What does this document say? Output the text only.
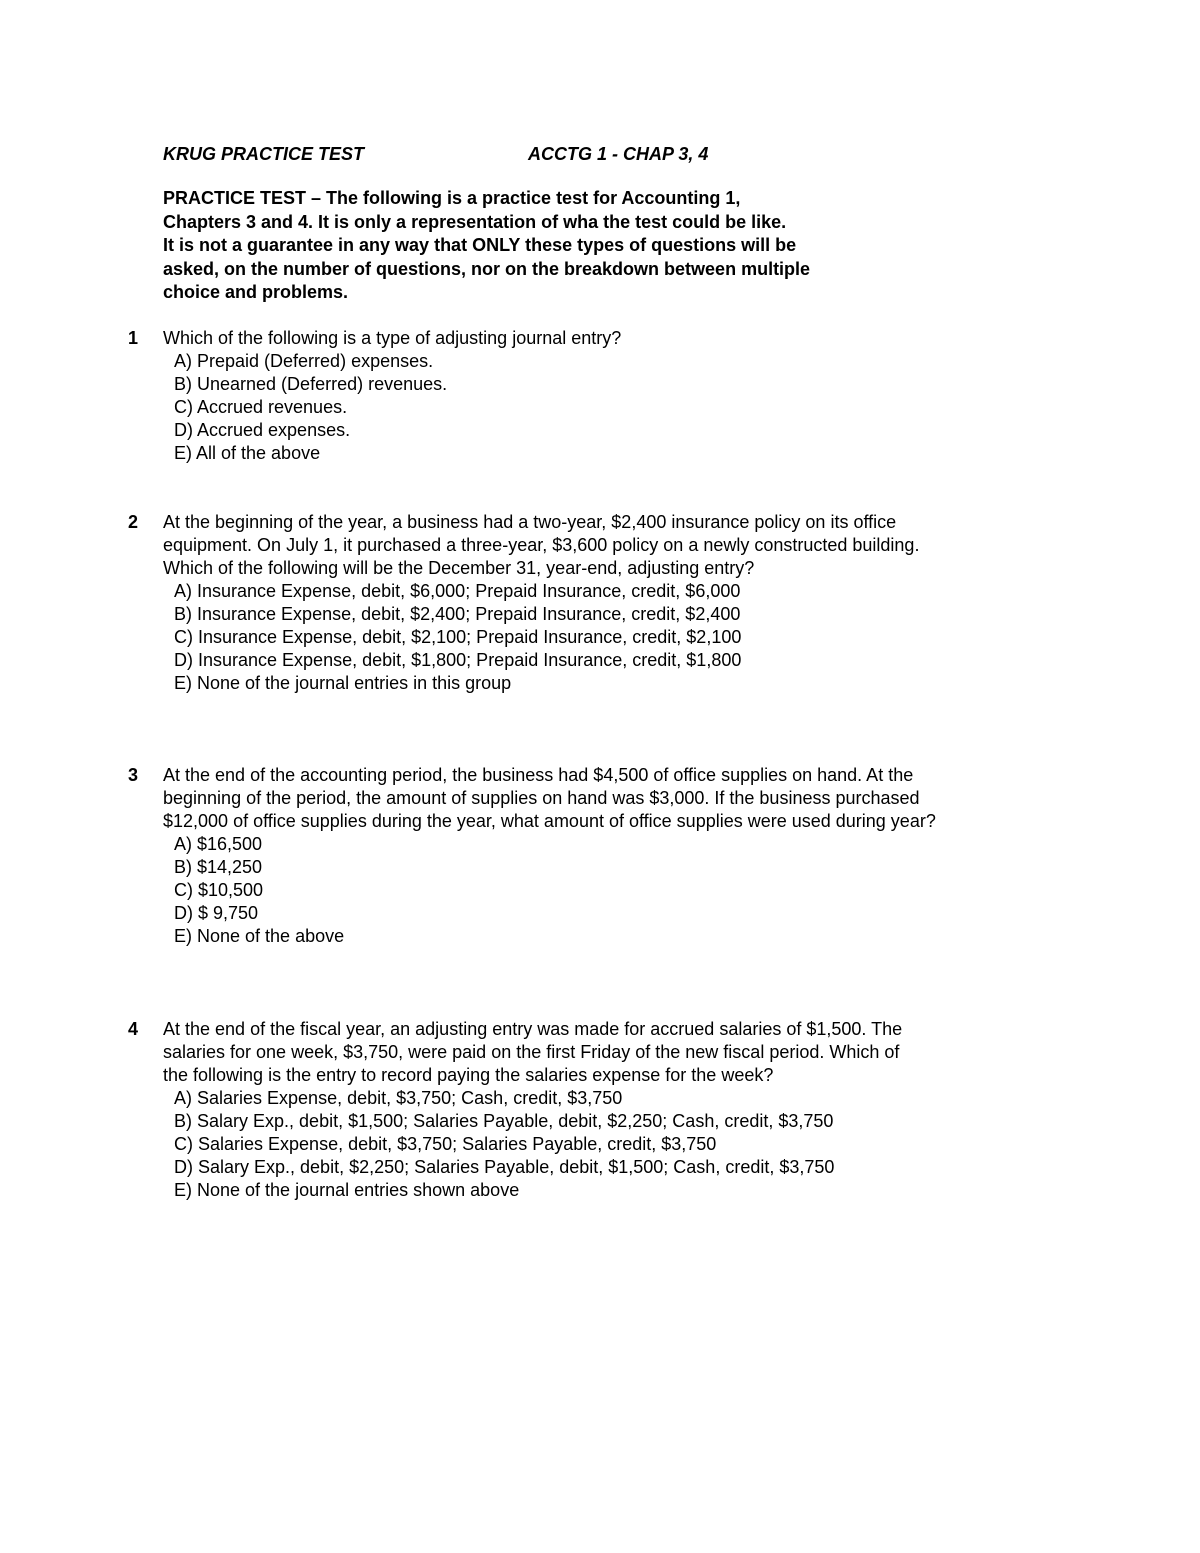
KRUG PRACTICE TEST	ACCTG 1 - CHAP 3, 4
PRACTICE TEST – The following is a practice test for Accounting 1,
Chapters 3 and 4. It is only a representation of wha the test could be like.
It is not a guarantee in any way that ONLY these types of questions will be
asked, on the number of questions, nor on the breakdown between multiple
choice and problems.
1 Which of the following is a type of adjusting journal entry?
A) Prepaid (Deferred) expenses.
B) Unearned (Deferred) revenues.
C) Accrued revenues.
D) Accrued expenses.
E) All of the above
2 At the beginning of the year, a business had a two-year, $2,400 insurance policy on its office
equipment. On July 1, it purchased a three-year, $3,600 policy on a newly constructed building.
Which of the following will be the December 31, year-end, adjusting entry?
A) Insurance Expense, debit, $6,000; Prepaid Insurance, credit, $6,000
B) Insurance Expense, debit, $2,400; Prepaid Insurance, credit, $2,400
C) Insurance Expense, debit, $2,100; Prepaid Insurance, credit, $2,100
D) Insurance Expense, debit, $1,800; Prepaid Insurance, credit, $1,800
E) None of the journal entries in this group
3 At the end of the accounting period, the business had $4,500 of office supplies on hand. At the
beginning of the period, the amount of supplies on hand was $3,000. If the business purchased
$12,000 of office supplies during the year, what amount of office supplies were used during year?
A) $16,500
B) $14,250
C) $10,500
D) $ 9,750
E) None of the above
4 At the end of the fiscal year, an adjusting entry was made for accrued salaries of $1,500. The
salaries for one week, $3,750, were paid on the first Friday of the new fiscal period. Which of
the following is the entry to record paying the salaries expense for the week?
A) Salaries Expense, debit, $3,750; Cash, credit, $3,750
B) Salary Exp., debit, $1,500; Salaries Payable, debit, $2,250; Cash, credit, $3,750
C) Salaries Expense, debit, $3,750; Salaries Payable, credit, $3,750
D) Salary Exp., debit, $2,250; Salaries Payable, debit, $1,500; Cash, credit, $3,750
E) None of the journal entries shown above
